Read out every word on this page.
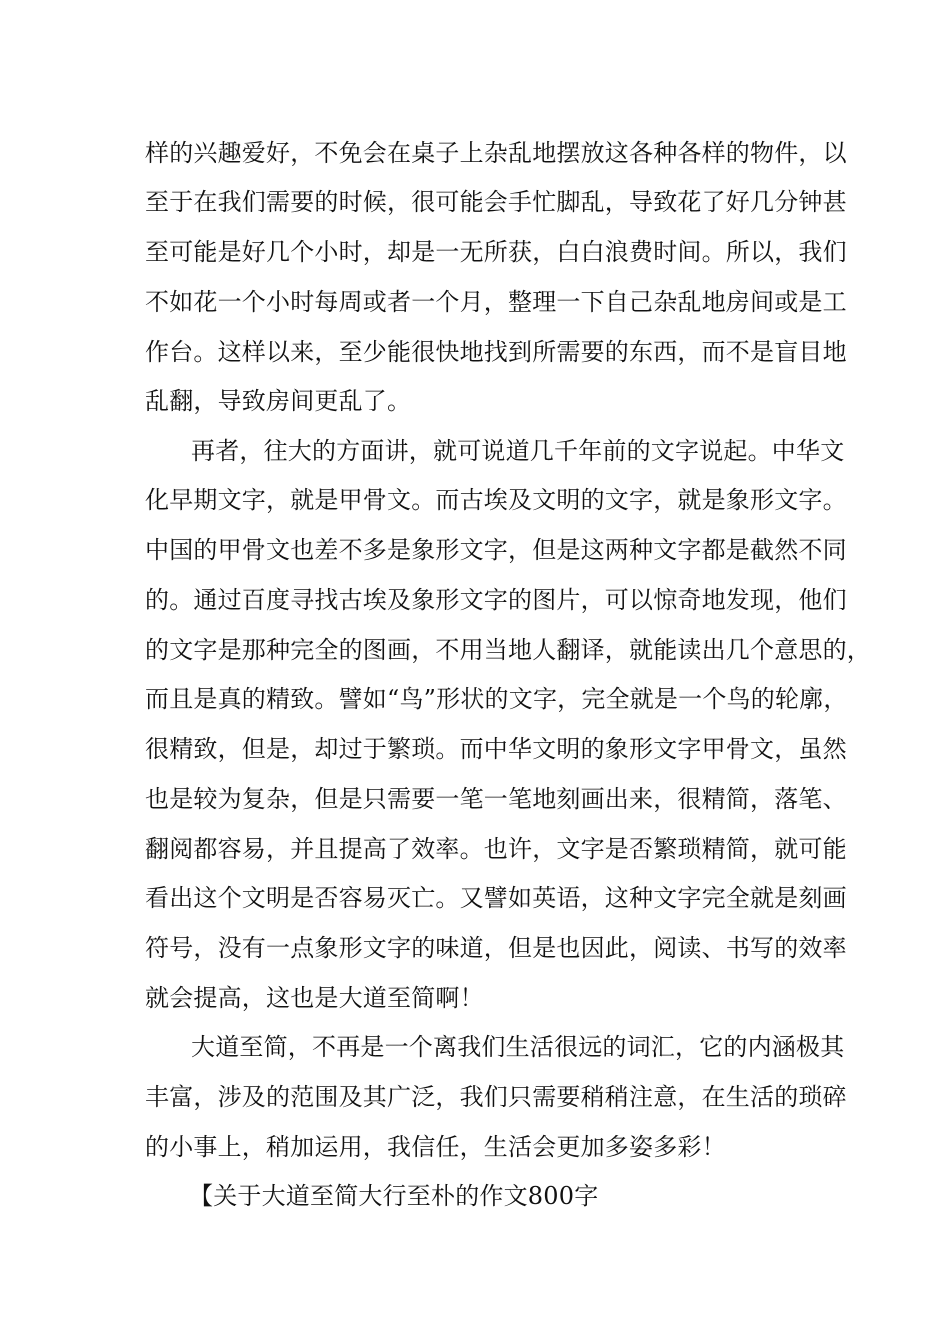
样的兴趣爱好，不免会在桌子上杂乱地摆放这各种各样的物件，以
至于在我们需要的时候，很可能会手忙脚乱，导致花了好几分钟甚
至可能是好几个小时，却是一无所获，白白浪费时间。所以，我们
不如花一个小时每周或者一个月，整理一下自己杂乱地房间或是工
作台。这样以来，至少能很快地找到所需要的东西，而不是盲目地
乱翻，导致房间更乱了。
再者，往大的方面讲，就可说道几千年前的文字说起。中华文
化早期文字，就是甲骨文。而古埃及文明的文字，就是象形文字。
中国的甲骨文也差不多是象形文字，但是这两种文字都是截然不同
的。通过百度寻找古埃及象形文字的图片，可以惊奇地发现，他们
的文字是那种完全的图画，不用当地人翻译，就能读出几个意思的，
而且是真的精致。譬如“鸟”形状的文字，完全就是一个鸟的轮廓，
很精致，但是，却过于繁琐。而中华文明的象形文字甲骨文，虽然
也是较为复杂，但是只需要一笔一笔地刻画出来，很精简，落笔、
翻阅都容易，并且提高了效率。也许，文字是否繁琐精简，就可能
看出这个文明是否容易灭亡。又譬如英语，这种文字完全就是刻画
符号，没有一点象形文字的味道，但是也因此，阅读、书写的效率
就会提高，这也是大道至简啊！
大道至简，不再是一个离我们生活很远的词汇，它的内涵极其
丰富，涉及的范围及其广泛，我们只需要稍稍注意，在生活的琐碎
的小事上，稍加运用，我信任，生活会更加多姿多彩！
【关于大道至简大行至朴的作文800字
